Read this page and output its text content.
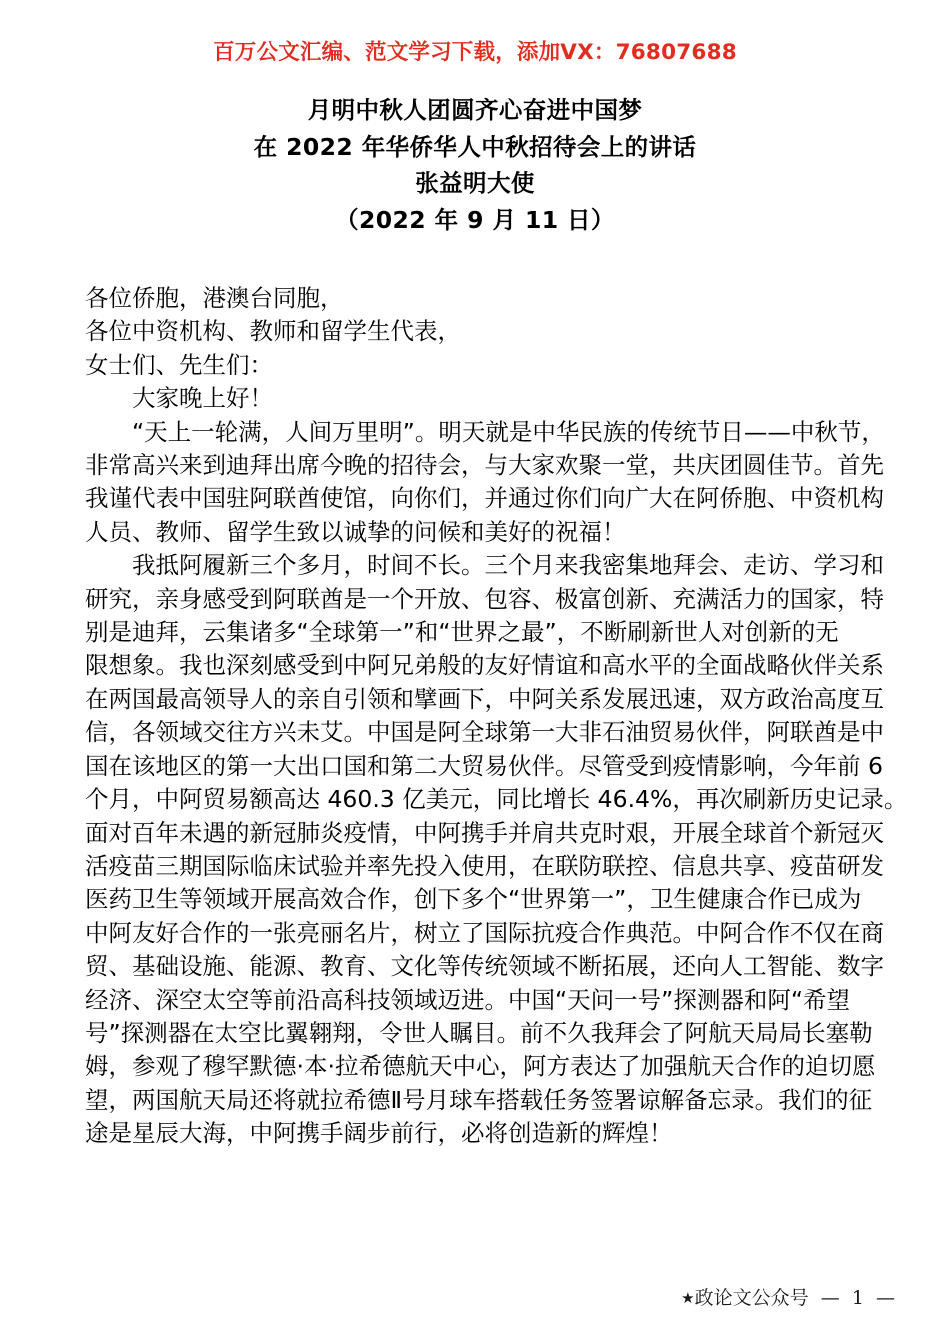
百万公文汇编、范文学习下载，添加VX：76807688
月明中秋人团圆齐心奋进中国梦
在 2022 年华侨华人中秋招待会上的讲话
张益明大使
（2022 年 9 月 11 日）
各位侨胞，港澳台同胞，
各位中资机构、教师和留学生代表，
女士们、先生们：
　　大家晚上好！
　　“天上一轮满，人间万里明”。明天就是中华民族的传统节日——中秋节，
非常高兴来到迪拜出席今晚的招待会，与大家欢聚一堂，共庆团圆佳节。首先
我谨代表中国驻阿联酋使馆，向你们，并通过你们向广大在阿侨胞、中资机构
人员、教师、留学生致以诚挚的问候和美好的祝福！
　　我抵阿履新三个多月，时间不长。三个月来我密集地拜会、走访、学习和
研究，亲身感受到阿联酋是一个开放、包容、极富创新、充满活力的国家，特
别是迪拜，云集诸多“全球第一”和“世界之最”，不断刷新世人对创新的无
限想象。我也深刻感受到中阿兄弟般的友好情谊和高水平的全面战略伙伴关系
在两国最高领导人的亲自引领和擘画下，中阿关系发展迅速，双方政治高度互
信，各领域交往方兴未艾。中国是阿全球第一大非石油贸易伙伴，阿联酋是中
国在该地区的第一大出口国和第二大贸易伙伴。尽管受到疫情影响，今年前 6
个月，中阿贸易额高达 460.3 亿美元，同比增长 46.4%，再次刷新历史记录。
面对百年未遇的新冠肺炎疫情，中阿携手并肩共克时艰，开展全球首个新冠灭
活疫苗三期国际临床试验并率先投入使用，在联防联控、信息共享、疫苗研发
医药卫生等领域开展高效合作，创下多个“世界第一”，卫生健康合作已成为
中阿友好合作的一张亮丽名片，树立了国际抗疫合作典范。中阿合作不仅在商
贸、基础设施、能源、教育、文化等传统领域不断拓展，还向人工智能、数字
经济、深空太空等前沿高科技领域迈进。中国“天问一号”探测器和阿“希望
号”探测器在太空比翼翱翔，令世人瞩目。前不久我拜会了阿航天局局长塞勒
姆，参观了穆罕默德·本·拉希德航天中心，阿方表达了加强航天合作的迫切愿
望，两国航天局还将就拉希德Ⅱ号月球车搭载任务签署谅解备忘录。我们的征
途是星辰大海，中阿携手阔步前行，必将创造新的辉煌！
★政论文公众号 — 1 —
